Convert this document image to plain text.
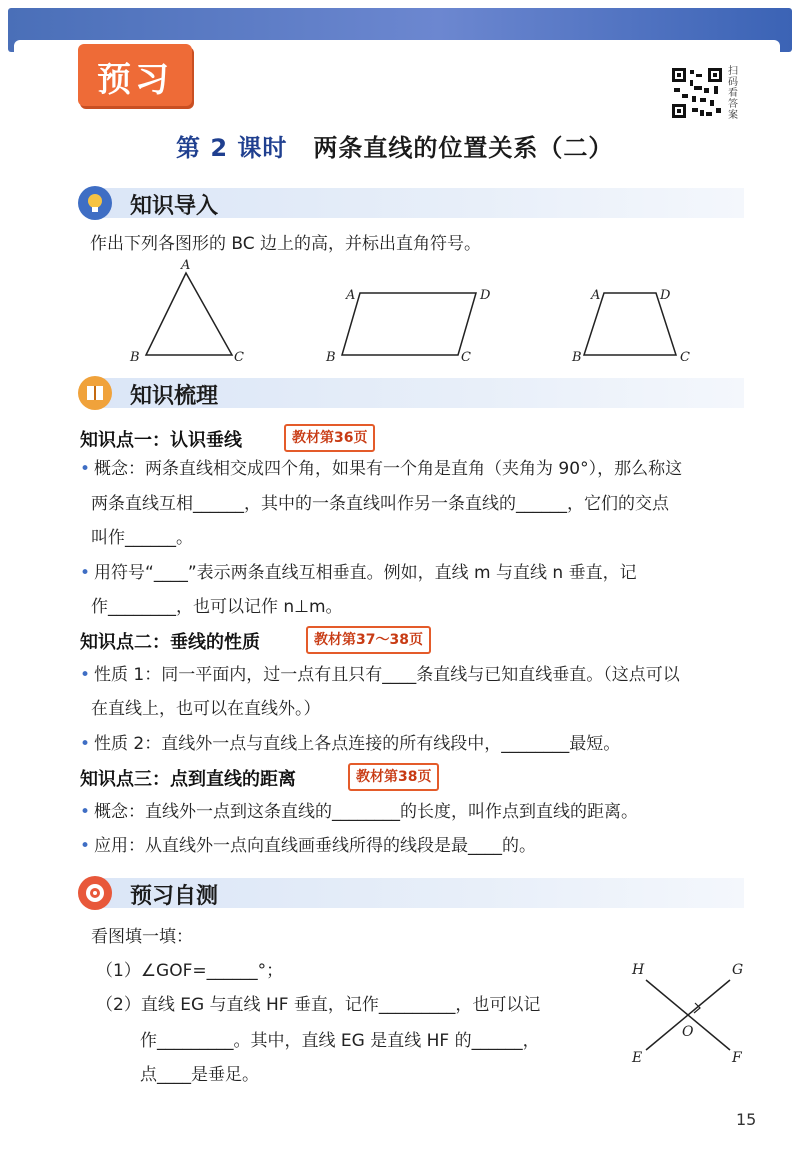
预习	扫码看答案
第 2 课时 两条直线的位置关系（二）
知识导入
作出下列各图形的 BC 边上的高，并标出直角符号。
A
B	C
A	D
B	C
A	D
B	C
知识梳理
知识点一：认识垂线	教材第36页
• 概念：两条直线相交成四个角，如果有一个角是直角（夹角为 90°），那么称这
两条直线互相______，其中的一条直线叫作另一条直线的______，它们的交点
叫作______。
• 用符号“____”表示两条直线互相垂直。例如，直线 m 与直线 n 垂直，记
作________，也可以记作 n⊥m。
知识点二：垂线的性质	教材第37～38页
• 性质 1：同一平面内，过一点有且只有____条直线与已知直线垂直。（这点可以
在直线上，也可以在直线外。）
• 性质 2：直线外一点与直线上各点连接的所有线段中，________最短。
知识点三：点到直线的距离	教材第38页
• 概念：直线外一点到这条直线的________的长度，叫作点到直线的距离。
• 应用：从直线外一点向直线画垂线所得的线段是最____的。
预习自测
看图填一填：
（1）∠GOF=______°；
（2）直线 EG 与直线 HF 垂直，记作_________，也可以记
作_________。其中，直线 EG 是直线 HF 的______，
点____是垂足。
H	G
O
E	F
15
